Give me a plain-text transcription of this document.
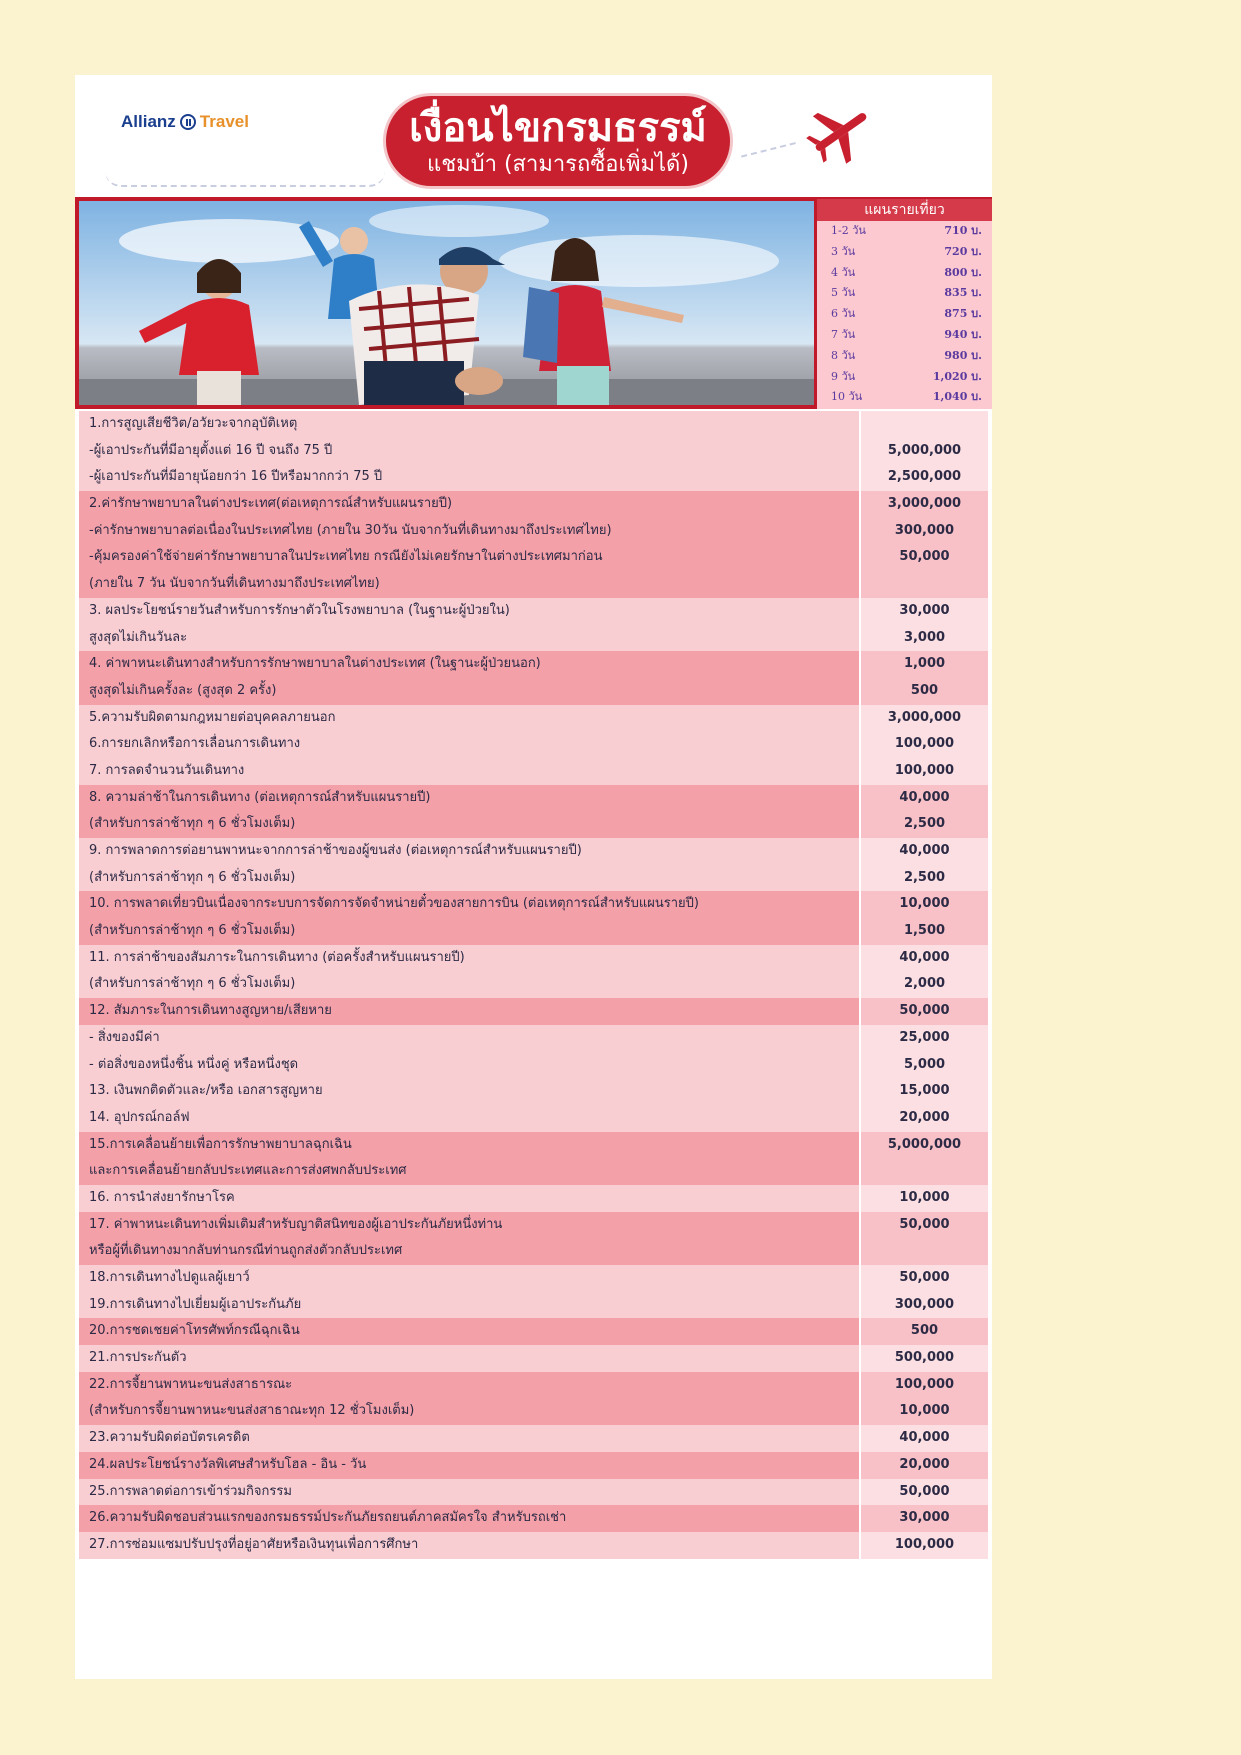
Allianz Travel	เงื่อนไขกรมธรรม์
แชมบ้า (สามารถซื้อเพิ่มได้)
แผนรายเที่ยว
1-2 วัน	710 บ.
3 วัน	720 บ.
4 วัน	800 บ.
5 วัน	835 บ.
6 วัน	875 บ.
7 วัน	940 บ.
8 วัน	980 บ.
9 วัน	1,020 บ.
10 วัน	1,040 บ.
1.การสูญเสียชีวิต/อวัยวะจากอุบัติเหตุ
-ผู้เอาประกันที่มีอายุตั้งแต่ 16 ปี จนถึง 75 ปี	5,000,000
-ผู้เอาประกันที่มีอายุน้อยกว่า 16 ปีหรือมากกว่า 75 ปี	2,500,000
2.ค่ารักษาพยาบาลในต่างประเทศ(ต่อเหตุการณ์สำหรับแผนรายปี)	3,000,000
-ค่ารักษาพยาบาลต่อเนื่องในประเทศไทย (ภายใน 30วัน นับจากวันที่เดินทางมาถึงประเทศไทย)	300,000
-คุ้มครองค่าใช้จ่ายค่ารักษาพยาบาลในประเทศไทย กรณียังไม่เคยรักษาในต่างประเทศมาก่อน	50,000
(ภายใน 7 วัน นับจากวันที่เดินทางมาถึงประเทศไทย)
3. ผลประโยชน์รายวันสำหรับการรักษาตัวในโรงพยาบาล (ในฐานะผู้ป่วยใน)	30,000
สูงสุดไม่เกินวันละ	3,000
4. ค่าพาหนะเดินทางสำหรับการรักษาพยาบาลในต่างประเทศ (ในฐานะผู้ป่วยนอก)	1,000
สูงสุดไม่เกินครั้งละ (สูงสุด 2 ครั้ง)	500
5.ความรับผิดตามกฎหมายต่อบุคคลภายนอก	3,000,000
6.การยกเลิกหรือการเลื่อนการเดินทาง	100,000
7. การลดจำนวนวันเดินทาง	100,000
8. ความล่าช้าในการเดินทาง (ต่อเหตุการณ์สำหรับแผนรายปี)	40,000
(สำหรับการล่าช้าทุก ๆ 6 ชั่วโมงเต็ม)	2,500
9. การพลาดการต่อยานพาหนะจากการล่าช้าของผู้ขนส่ง (ต่อเหตุการณ์สำหรับแผนรายปี)	40,000
(สำหรับการล่าช้าทุก ๆ 6 ชั่วโมงเต็ม)	2,500
10. การพลาดเที่ยวบินเนื่องจากระบบการจัดการจัดจำหน่ายตั๋วของสายการบิน (ต่อเหตุการณ์สำหรับแผนรายปี)	10,000
(สำหรับการล่าช้าทุก ๆ 6 ชั่วโมงเต็ม)	1,500
11. การล่าช้าของสัมภาระในการเดินทาง (ต่อครั้งสำหรับแผนรายปี)	40,000
(สำหรับการล่าช้าทุก ๆ 6 ชั่วโมงเต็ม)	2,000
12. สัมภาระในการเดินทางสูญหาย/เสียหาย	50,000
- สิ่งของมีค่า	25,000
- ต่อสิ่งของหนึ่งชิ้น หนึ่งคู่ หรือหนึ่งชุด	5,000
13. เงินพกติดตัวและ/หรือ เอกสารสูญหาย	15,000
14. อุปกรณ์กอล์ฟ	20,000
15.การเคลื่อนย้ายเพื่อการรักษาพยาบาลฉุกเฉิน	5,000,000
และการเคลื่อนย้ายกลับประเทศและการส่งศพกลับประเทศ
16. การนำส่งยารักษาโรค	10,000
17. ค่าพาหนะเดินทางเพิ่มเติมสำหรับญาติสนิทของผู้เอาประกันภัยหนึ่งท่าน	50,000
หรือผู้ที่เดินทางมากลับท่านกรณีท่านถูกส่งตัวกลับประเทศ
18.การเดินทางไปดูแลผู้เยาว์	50,000
19.การเดินทางไปเยี่ยมผู้เอาประกันภัย	300,000
20.การชดเชยค่าโทรศัพท์กรณีฉุกเฉิน	500
21.การประกันตัว	500,000
22.การจี้ยานพาหนะขนส่งสาธารณะ	100,000
(สำหรับการจี้ยานพาหนะขนส่งสาธาณะทุก 12 ชั่วโมงเต็ม)	10,000
23.ความรับผิดต่อบัตรเครดิต	40,000
24.ผลประโยชน์รางวัลพิเศษสำหรับโฮล - อิน - วัน	20,000
25.การพลาดต่อการเข้าร่วมกิจกรรม	50,000
26.ความรับผิดชอบส่วนแรกของกรมธรรม์ประกันภัยรถยนต์ภาคสมัครใจ สำหรับรถเช่า	30,000
27.การซ่อมแซมปรับปรุงที่อยู่อาศัยหรือเงินทุนเพื่อการศึกษา	100,000
